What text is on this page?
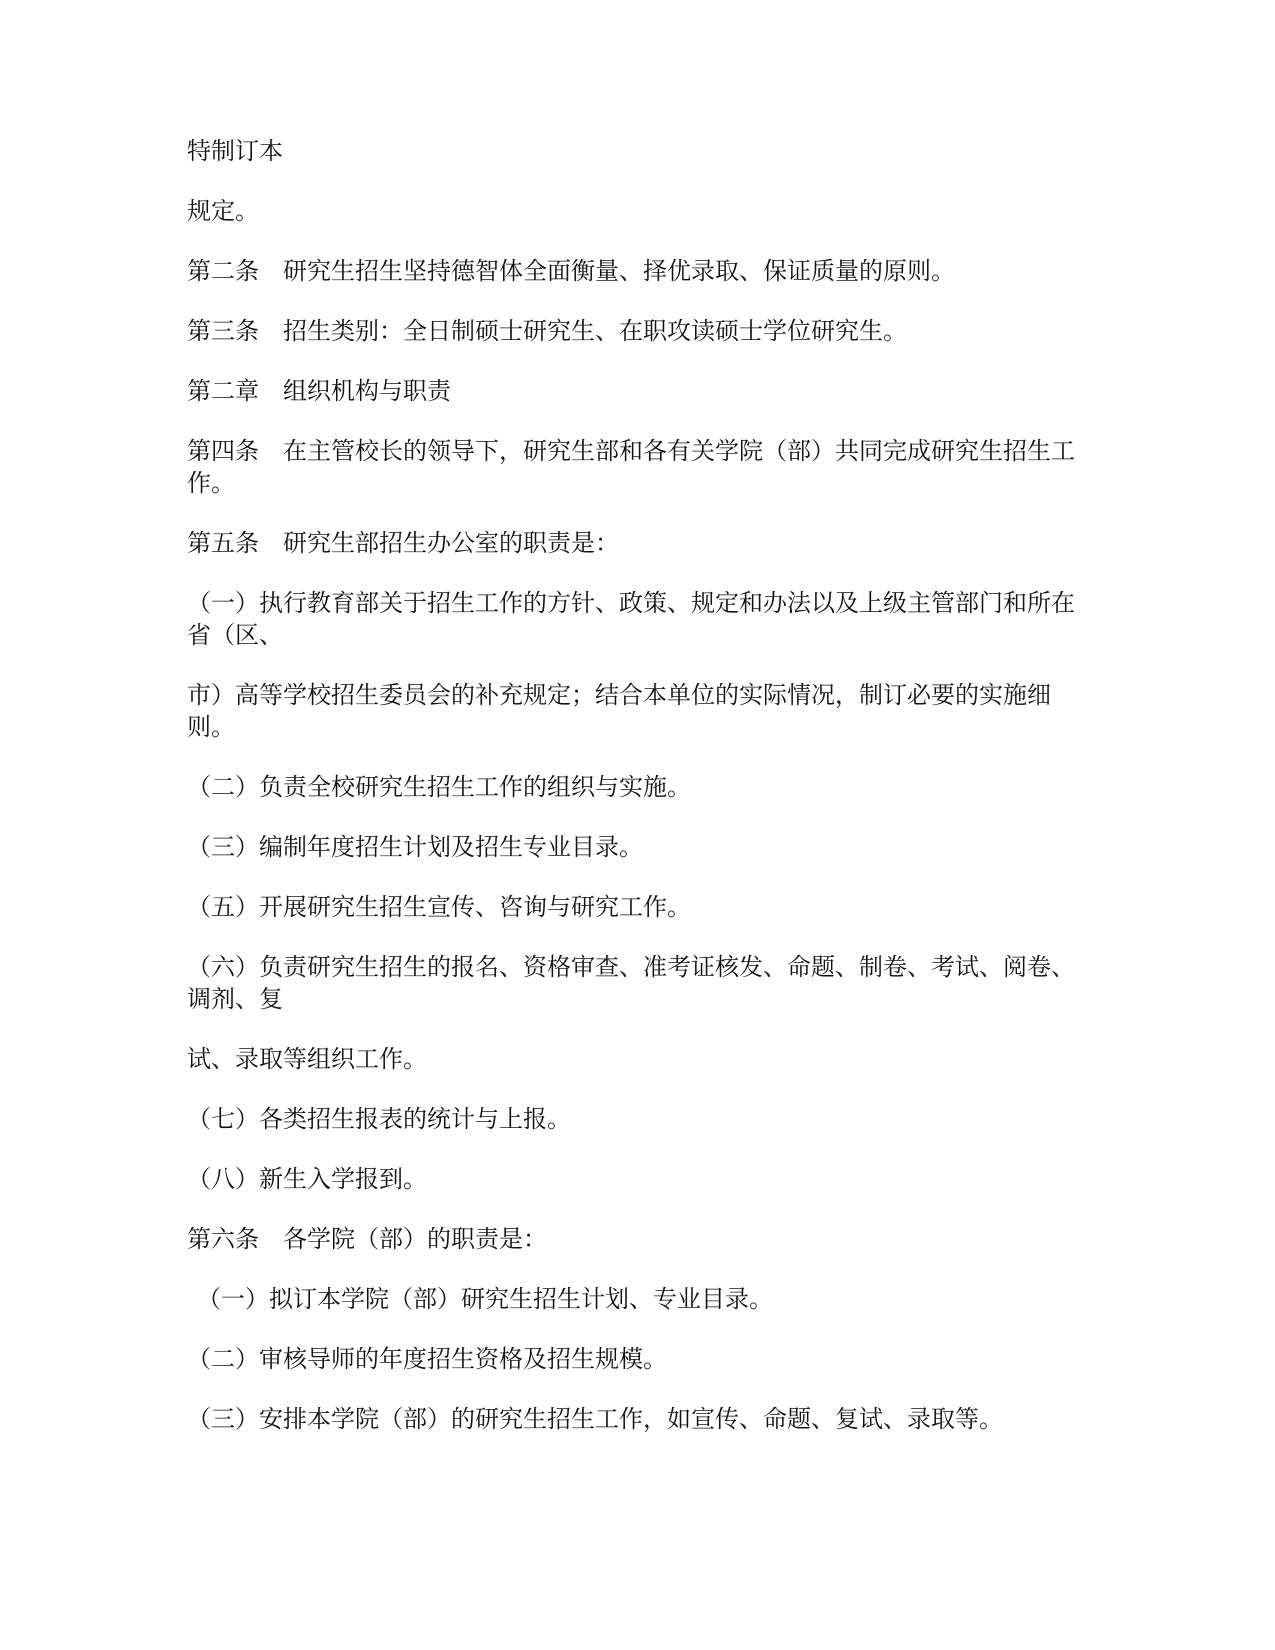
特制订本

规定。

第二条　研究生招生坚持德智体全面衡量、择优录取、保证质量的原则。

第三条　招生类别：全日制硕士研究生、在职攻读硕士学位研究生。

第二章　组织机构与职责

第四条　在主管校长的领导下，研究生部和各有关学院（部）共同完成研究生招生工作。

第五条　研究生部招生办公室的职责是：

（一）执行教育部关于招生工作的方针、政策、规定和办法以及上级主管部门和所在省（区、

市）高等学校招生委员会的补充规定；结合本单位的实际情况，制订必要的实施细则。

（二）负责全校研究生招生工作的组织与实施。

（三）编制年度招生计划及招生专业目录。

（五）开展研究生招生宣传、咨询与研究工作。

（六）负责研究生招生的报名、资格审查、准考证核发、命题、制卷、考试、阅卷、调剂、复

试、录取等组织工作。

（七）各类招生报表的统计与上报。

（八）新生入学报到。

第六条　各学院（部）的职责是：

（一）拟订本学院（部）研究生招生计划、专业目录。

（二）审核导师的年度招生资格及招生规模。

（三）安排本学院（部）的研究生招生工作，如宣传、命题、复试、录取等。
